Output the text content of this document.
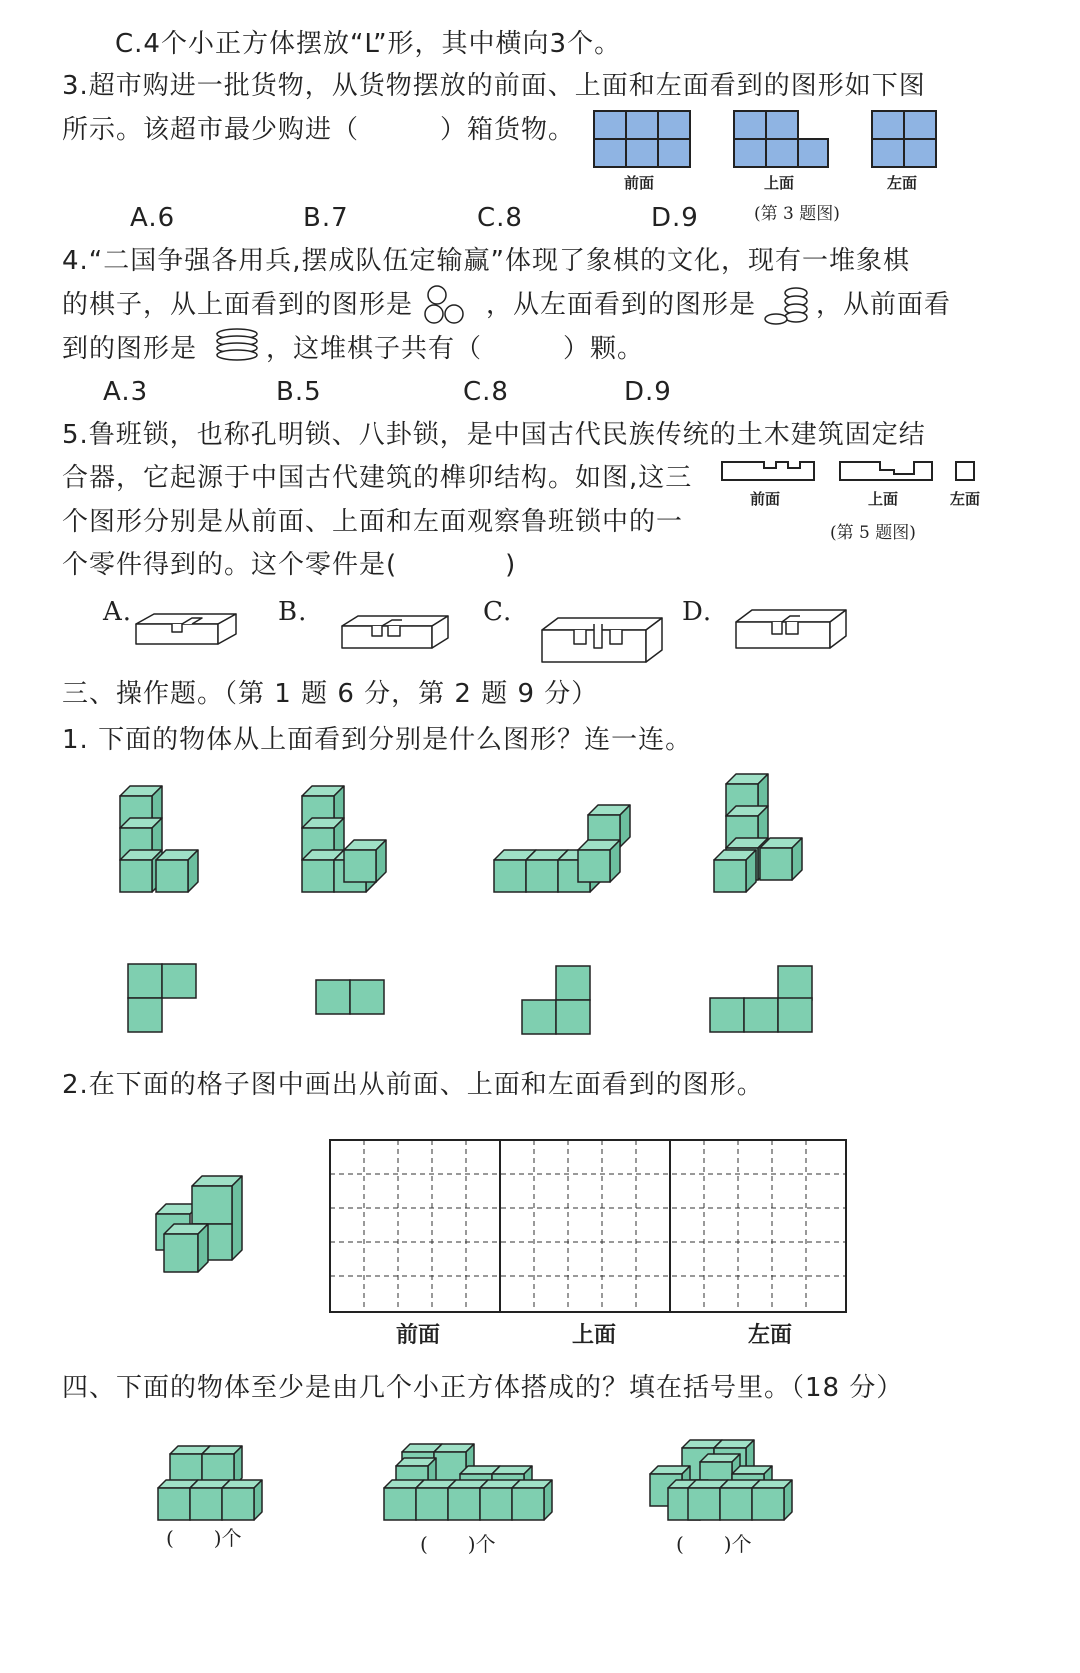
C.4个小正方体摆放“L”形，其中横向3个。
3.超市购进一批货物，从货物摆放的前面、上面和左面看到的图形如下图
所示。该超市最少购进（　　　）箱货物。
前面	上面	左面
(第 3 题图)
A.6	B.7	C.8	D.9
4.“二国争强各用兵,摆成队伍定输赢”体现了象棋的文化，现有一堆象棋
的棋子，从上面看到的图形是	，从左面看到的图形是 ，从前面看
到的图形是	，这堆棋子共有（　　　）颗。
A.3	B.5	C.8	D.9
5.鲁班锁，也称孔明锁、八卦锁，是中国古代民族传统的土木建筑固定结
合器，它起源于中国古代建筑的榫卯结构。如图,这三
个图形分别是从前面、上面和左面观察鲁班锁中的一
个零件得到的。这个零件是(　　　　)
前面	上面	左面
(第 5 题图)
A.	B.	C.	D.
三、操作题。（第 1 题 6 分，第 2 题 9 分）
1. 下面的物体从上面看到分别是什么图形？连一连。
2.在下面的格子图中画出从前面、上面和左面看到的图形。
前面	上面	左面
四、下面的物体至少是由几个小正方体搭成的？填在括号里。（18 分）
(　　)个	(　　)个	(　　)个
